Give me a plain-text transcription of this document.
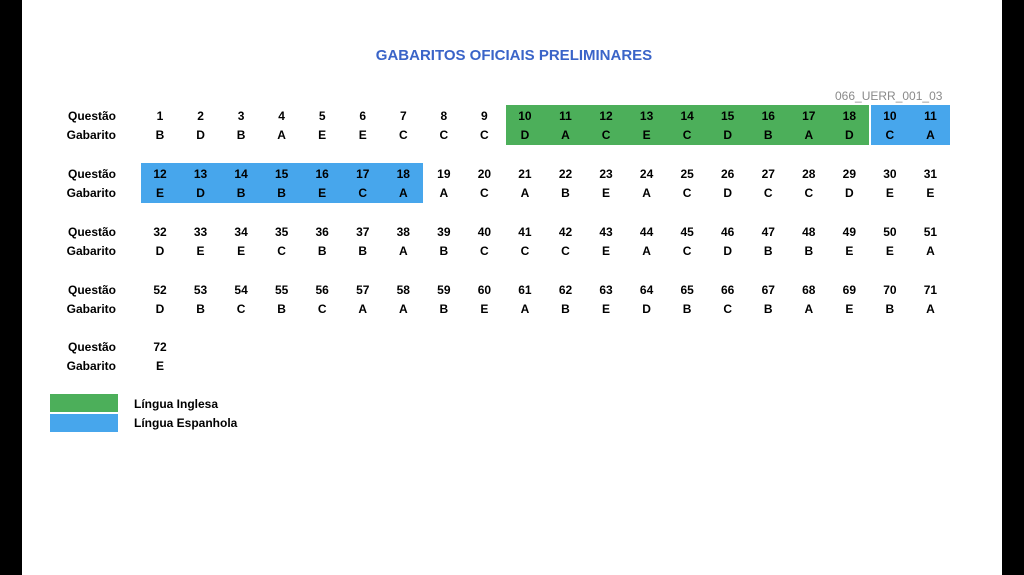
GABARITOS OFICIAIS PRELIMINARES
066_UERR_001_03
Questão
Gabarito
1	2	3	4	5	6	7	8	9	10	11	12	13	14	15	16	17	18	10	11
B	D	B	A	E	E	C	C	C	D	A	C	E	C	D	B	A	D	C	A
Questão
Gabarito
12	13	14	15	16	17	18	19	20	21	22	23	24	25	26	27	28	29	30	31
E	D	B	B	E	C	A	A	C	A	B	E	A	C	D	C	C	D	E	E
Questão
Gabarito
32	33	34	35	36	37	38	39	40	41	42	43	44	45	46	47	48	49	50	51
D	E	E	C	B	B	A	B	C	C	C	E	A	C	D	B	B	E	E	A
Questão
Gabarito
52	53	54	55	56	57	58	59	60	61	62	63	64	65	66	67	68	69	70	71
D	B	C	B	C	A	A	B	E	A	B	E	D	B	C	B	A	E	B	A
Questão
Gabarito
72
E
Língua Inglesa
Língua Espanhola
